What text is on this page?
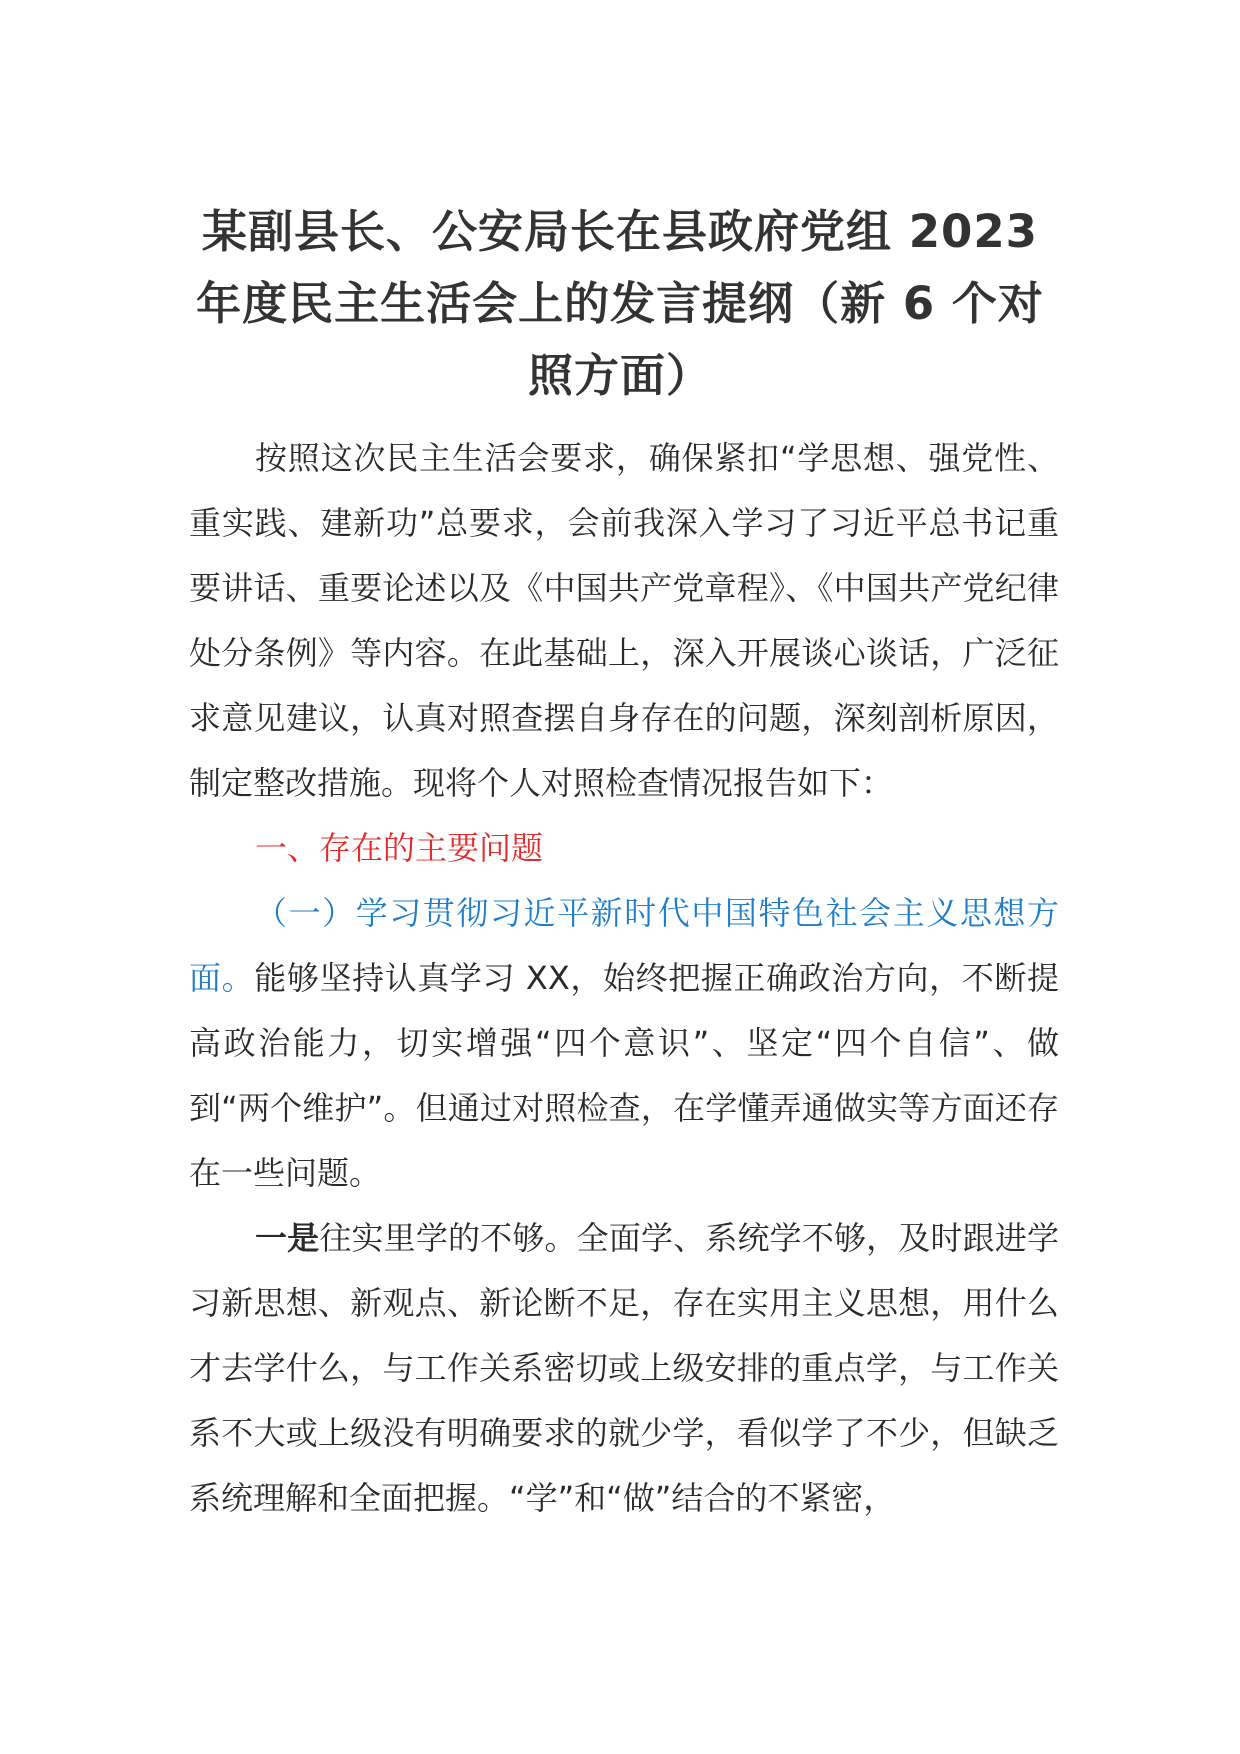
某副县长、公安局长在县政府党组 2023 年度民主生活会上的发言提纲（新 6 个对照方面）

按照这次民主生活会要求，确保紧扣“学思想、强党性、重实践、建新功”总要求，会前我深入学习了习近平总书记重要讲话、重要论述以及《中国共产党章程》、《中国共产党纪律处分条例》等内容。在此基础上，深入开展谈心谈话，广泛征求意见建议，认真对照查摆自身存在的问题，深刻剖析原因，制定整改措施。现将个人对照检查情况报告如下：

一、存在的主要问题

（一）学习贯彻习近平新时代中国特色社会主义思想方面。能够坚持认真学习 XX，始终把握正确政治方向，不断提高政治能力，切实增强“四个意识”、坚定“四个自信”、做到“两个维护”。但通过对照检查，在学懂弄通做实等方面还存在一些问题。

一是往实里学的不够。全面学、系统学不够，及时跟进学习新思想、新观点、新论断不足，存在实用主义思想，用什么才去学什么，与工作关系密切或上级安排的重点学，与工作关系不大或上级没有明确要求的就少学，看似学了不少，但缺乏系统理解和全面把握。“学”和“做”结合的不紧密，
